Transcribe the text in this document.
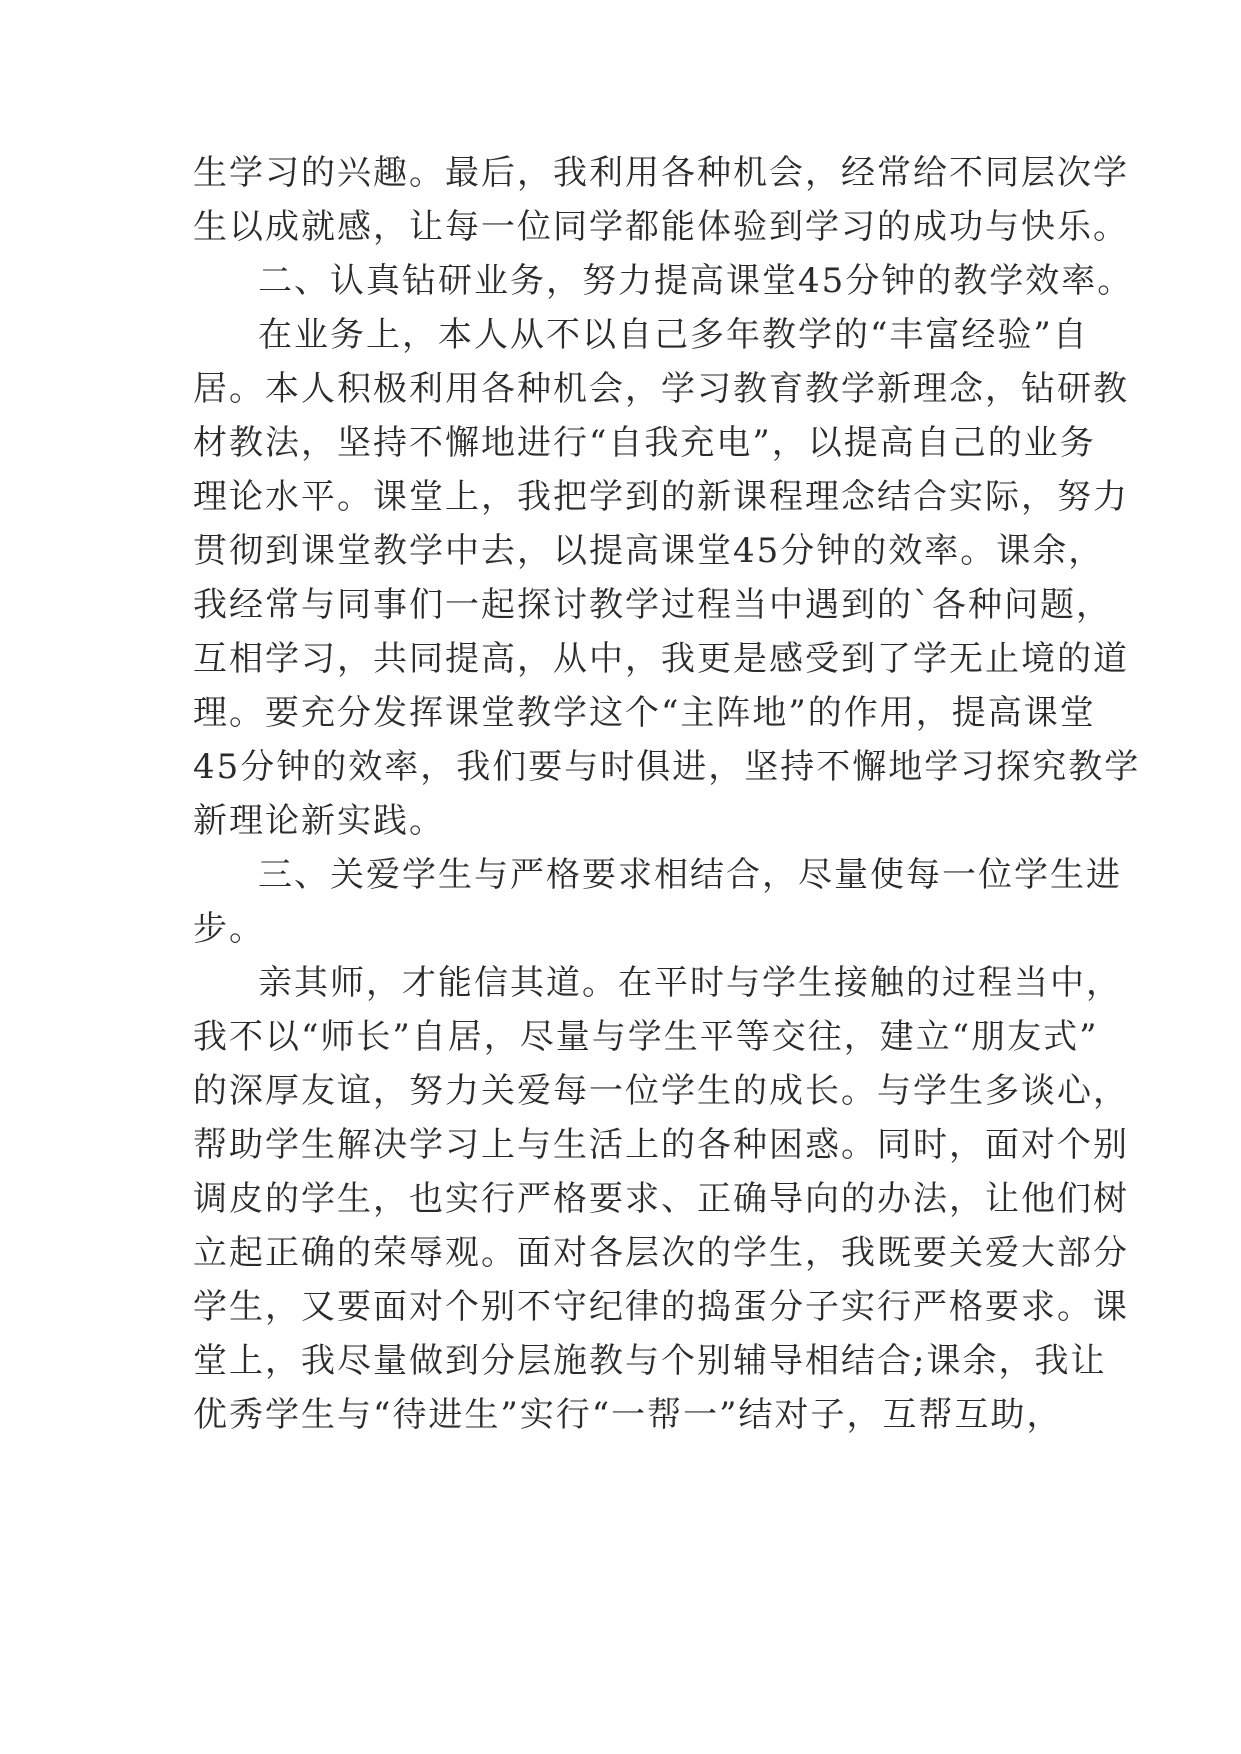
生学习的兴趣。最后，我利用各种机会，经常给不同层次学

生以成就感，让每一位同学都能体验到学习的成功与快乐。

二、认真钻研业务，努力提高课堂45分钟的教学效率。

在业务上，本人从不以自己多年教学的“丰富经验”自

居。本人积极利用各种机会，学习教育教学新理念，钻研教

材教法，坚持不懈地进行“自我充电”，以提高自己的业务

理论水平。课堂上，我把学到的新课程理念结合实际，努力

贯彻到课堂教学中去，以提高课堂45分钟的效率。课余，

我经常与同事们一起探讨教学过程当中遇到的`各种问题，

互相学习，共同提高，从中，我更是感受到了学无止境的道

理。要充分发挥课堂教学这个“主阵地”的作用，提高课堂

45分钟的效率，我们要与时俱进，坚持不懈地学习探究教学

新理论新实践。

三、关爱学生与严格要求相结合，尽量使每一位学生进

步。

亲其师，才能信其道。在平时与学生接触的过程当中，

我不以“师长”自居，尽量与学生平等交往，建立“朋友式”

的深厚友谊，努力关爱每一位学生的成长。与学生多谈心，

帮助学生解决学习上与生活上的各种困惑。同时，面对个别

调皮的学生，也实行严格要求、正确导向的办法，让他们树

立起正确的荣辱观。面对各层次的学生，我既要关爱大部分

学生，又要面对个别不守纪律的捣蛋分子实行严格要求。课

堂上，我尽量做到分层施教与个别辅导相结合;课余，我让

优秀学生与“待进生”实行“一帮一”结对子，互帮互助，
